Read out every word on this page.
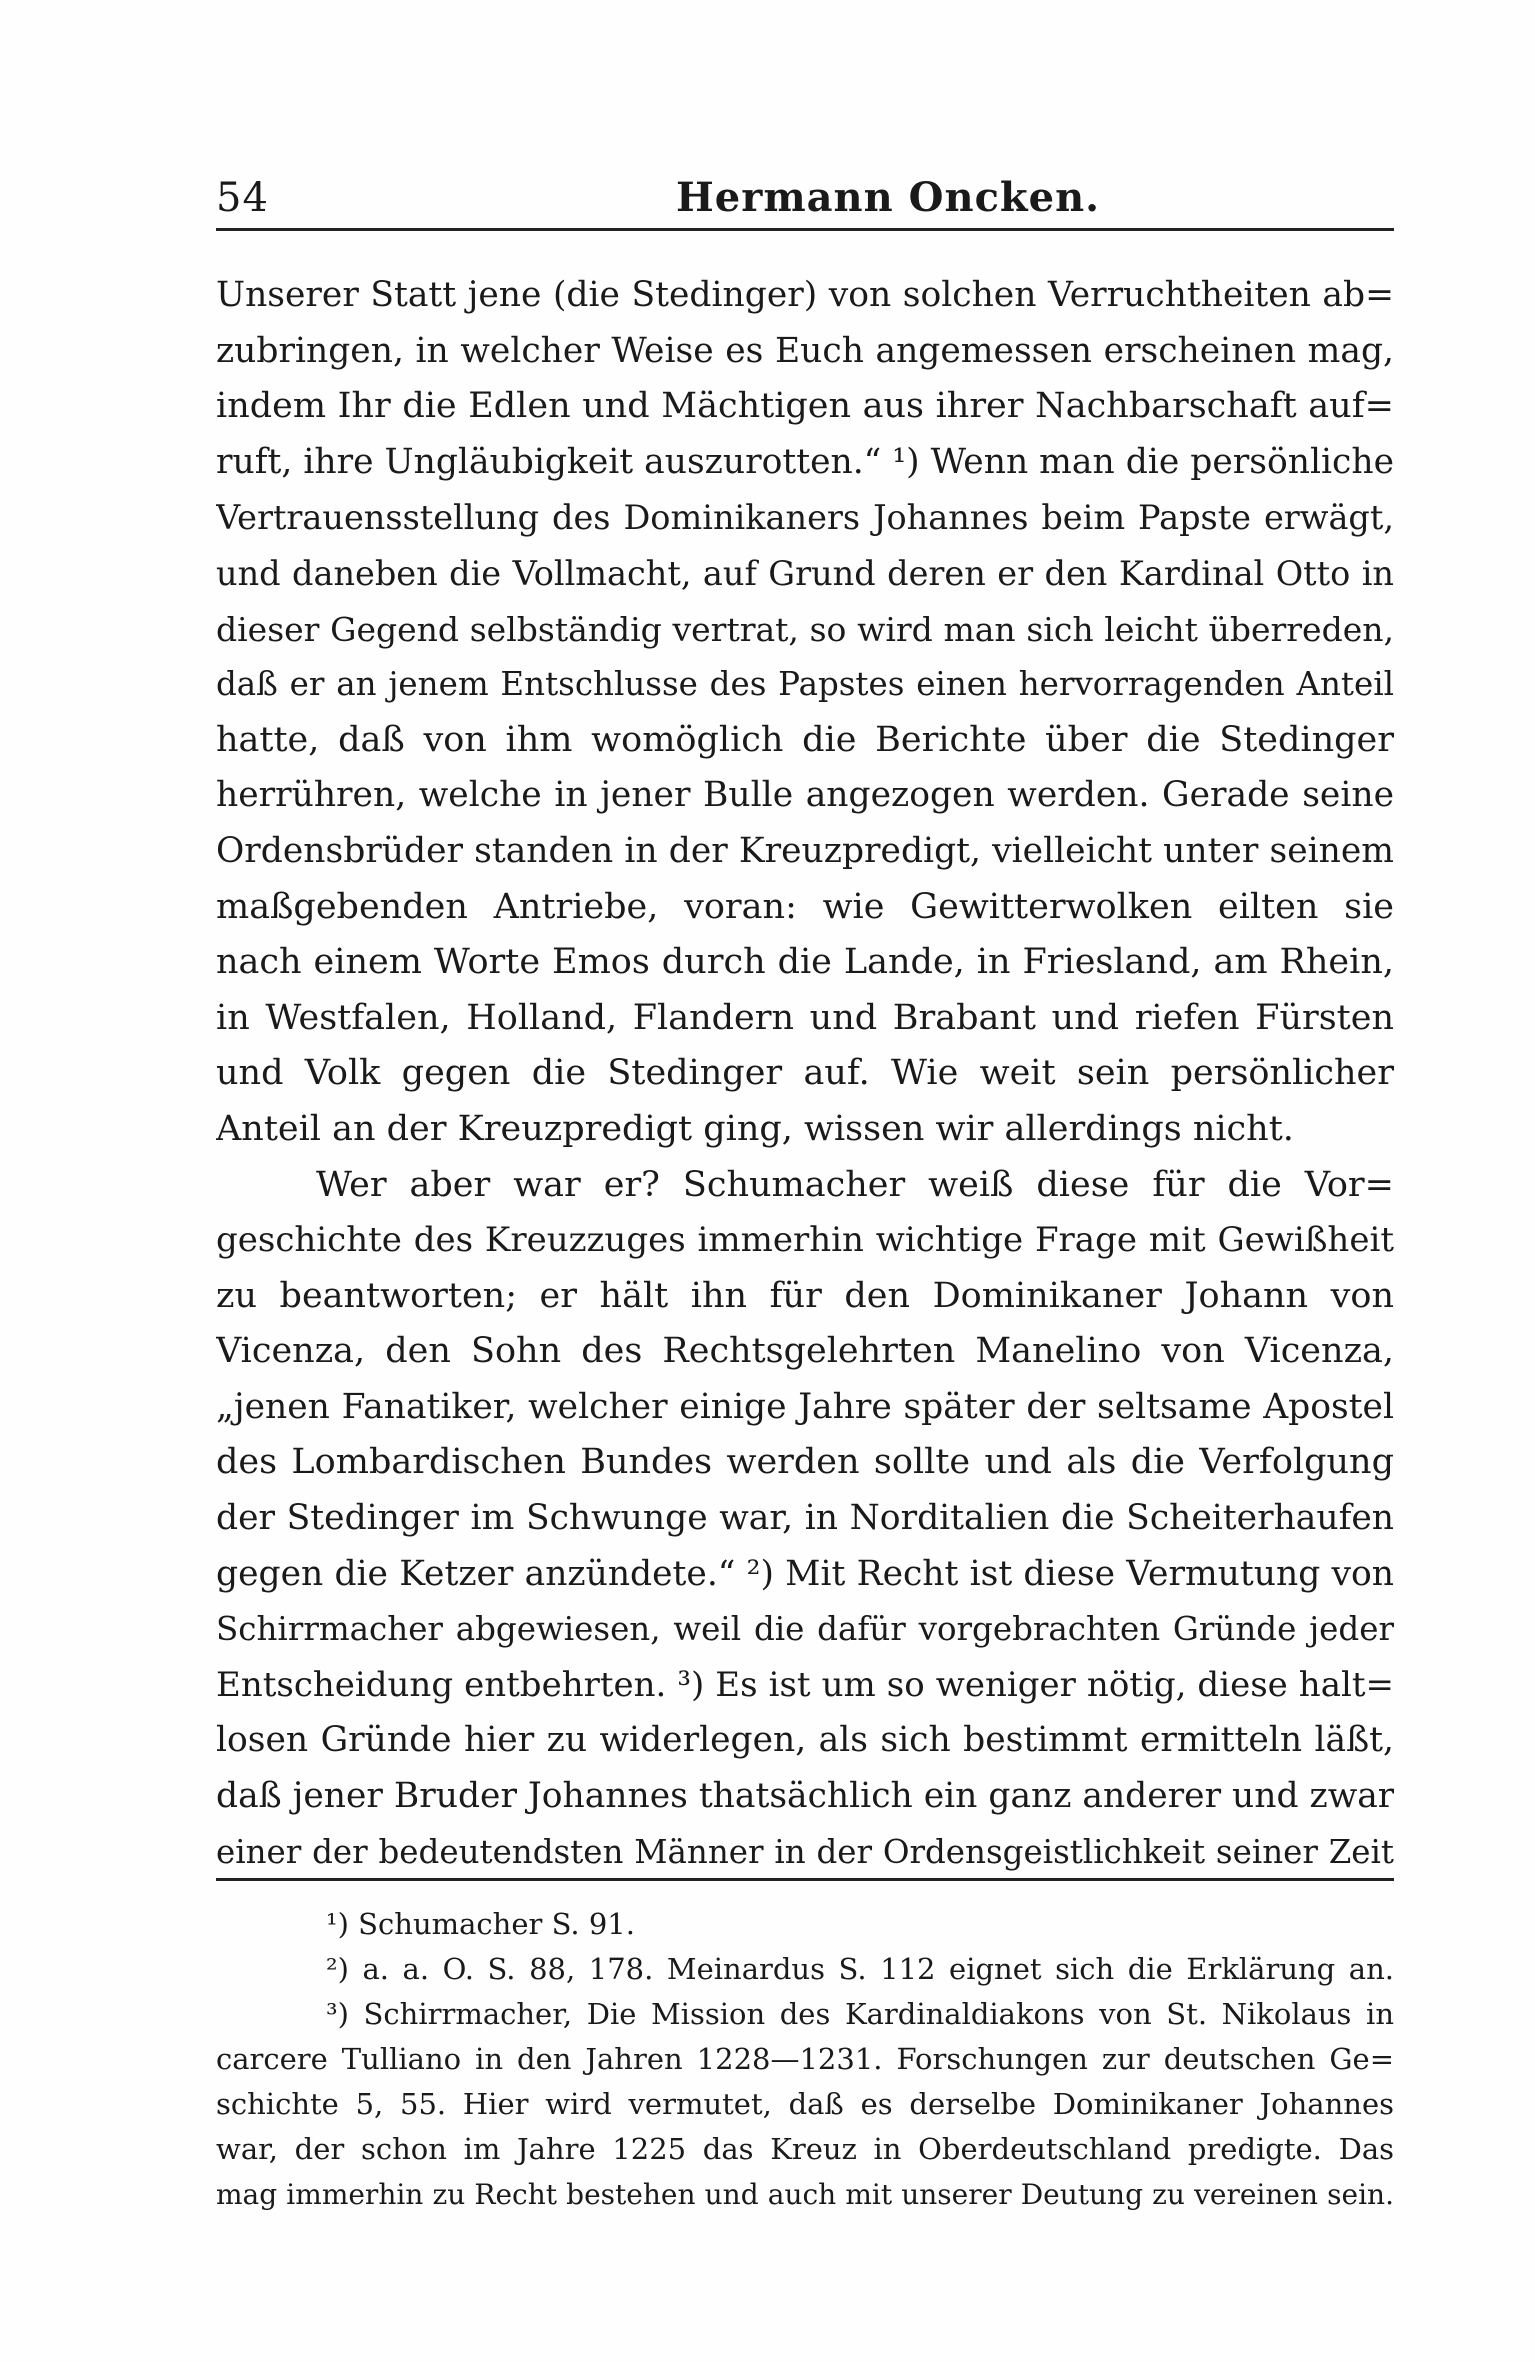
54	Hermann Oncken.
Unserer Statt jene (die Stedinger) von solchen Verruchtheiten ab=
zubringen, in welcher Weise es Euch angemessen erscheinen mag,
indem Ihr die Edlen und Mächtigen aus ihrer Nachbarschaft auf=
ruft, ihre Ungläubigkeit auszurotten.“ ¹) Wenn man die persönliche
Vertrauensstellung des Dominikaners Johannes beim Papste erwägt,
und daneben die Vollmacht, auf Grund deren er den Kardinal Otto in
dieser Gegend selbständig vertrat, so wird man sich leicht überreden,
daß er an jenem Entschlusse des Papstes einen hervorragenden Anteil
hatte, daß von ihm womöglich die Berichte über die Stedinger
herrühren, welche in jener Bulle angezogen werden. Gerade seine
Ordensbrüder standen in der Kreuzpredigt, vielleicht unter seinem
maßgebenden Antriebe, voran: wie Gewitterwolken eilten sie
nach einem Worte Emos durch die Lande, in Friesland, am Rhein,
in Westfalen, Holland, Flandern und Brabant und riefen Fürsten
und Volk gegen die Stedinger auf. Wie weit sein persönlicher
Anteil an der Kreuzpredigt ging, wissen wir allerdings nicht.
Wer aber war er? Schumacher weiß diese für die Vor=
geschichte des Kreuzzuges immerhin wichtige Frage mit Gewißheit
zu beantworten; er hält ihn für den Dominikaner Johann von
Vicenza, den Sohn des Rechtsgelehrten Manelino von Vicenza,
„jenen Fanatiker, welcher einige Jahre später der seltsame Apostel
des Lombardischen Bundes werden sollte und als die Verfolgung
der Stedinger im Schwunge war, in Norditalien die Scheiterhaufen
gegen die Ketzer anzündete.“ ²) Mit Recht ist diese Vermutung von
Schirrmacher abgewiesen, weil die dafür vorgebrachten Gründe jeder
Entscheidung entbehrten. ³) Es ist um so weniger nötig, diese halt=
losen Gründe hier zu widerlegen, als sich bestimmt ermitteln läßt,
daß jener Bruder Johannes thatsächlich ein ganz anderer und zwar
einer der bedeutendsten Männer in der Ordensgeistlichkeit seiner Zeit
¹) Schumacher S. 91.
²) a. a. O. S. 88, 178. Meinardus S. 112 eignet sich die Erklärung an.
³) Schirrmacher, Die Mission des Kardinaldiakons von St. Nikolaus in
carcere Tulliano in den Jahren 1228—1231. Forschungen zur deutschen Ge=
schichte 5, 55. Hier wird vermutet, daß es derselbe Dominikaner Johannes
war, der schon im Jahre 1225 das Kreuz in Oberdeutschland predigte. Das
mag immerhin zu Recht bestehen und auch mit unserer Deutung zu vereinen sein.
